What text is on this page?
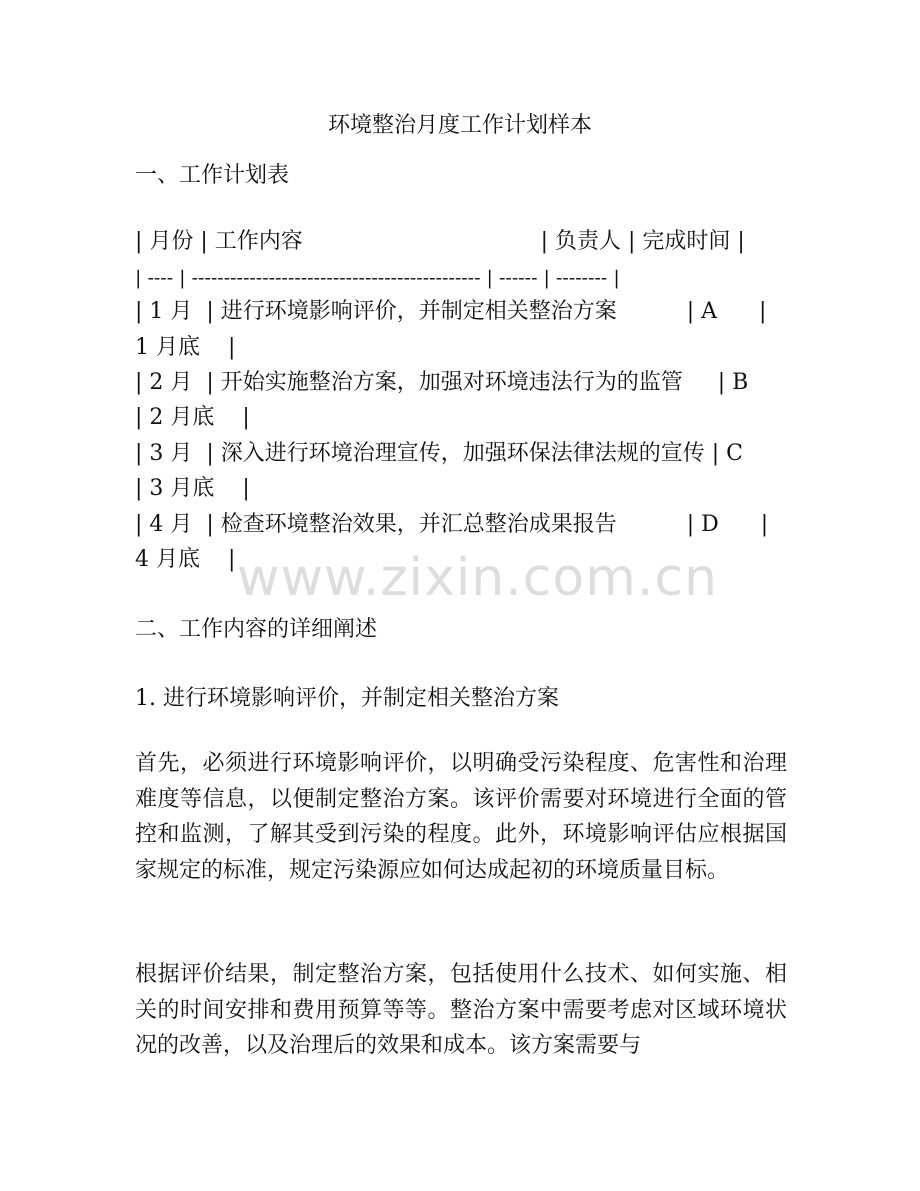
环境整治月度工作计划样本
一、工作计划表
| 月份 | 工作内容                                  | 负责人 | 完成时间 |
| ---- | --------------------------------------------- | ------ | -------- |
| 1 月  | 进行环境影响评价，并制定相关整治方案          | A      |
1 月底    |
| 2 月  | 开始实施整治方案，加强对环境违法行为的监管     | B
| 2 月底    |
| 3 月  | 深入进行环境治理宣传，加强环保法律法规的宣传 | C
| 3 月底    |
| 4 月  | 检查环境整治效果，并汇总整治成果报告          | D      |
4 月底    | www.zixin.com.cn
二、工作内容的详细阐述
1. 进行环境影响评价，并制定相关整治方案
首先，必须进行环境影响评价，以明确受污染程度、危害性和治理难度等信息，以便制定整治方案。该评价需要对环境进行全面的管控和监测，了解其受到污染的程度。此外，环境影响评估应根据国家规定的标准，规定污染源应如何达成起初的环境质量目标。
根据评价结果，制定整治方案，包括使用什么技术、如何实施、相关的时间安排和费用预算等等。整治方案中需要考虑对区域环境状况的改善，以及治理后的效果和成本。该方案需要与
